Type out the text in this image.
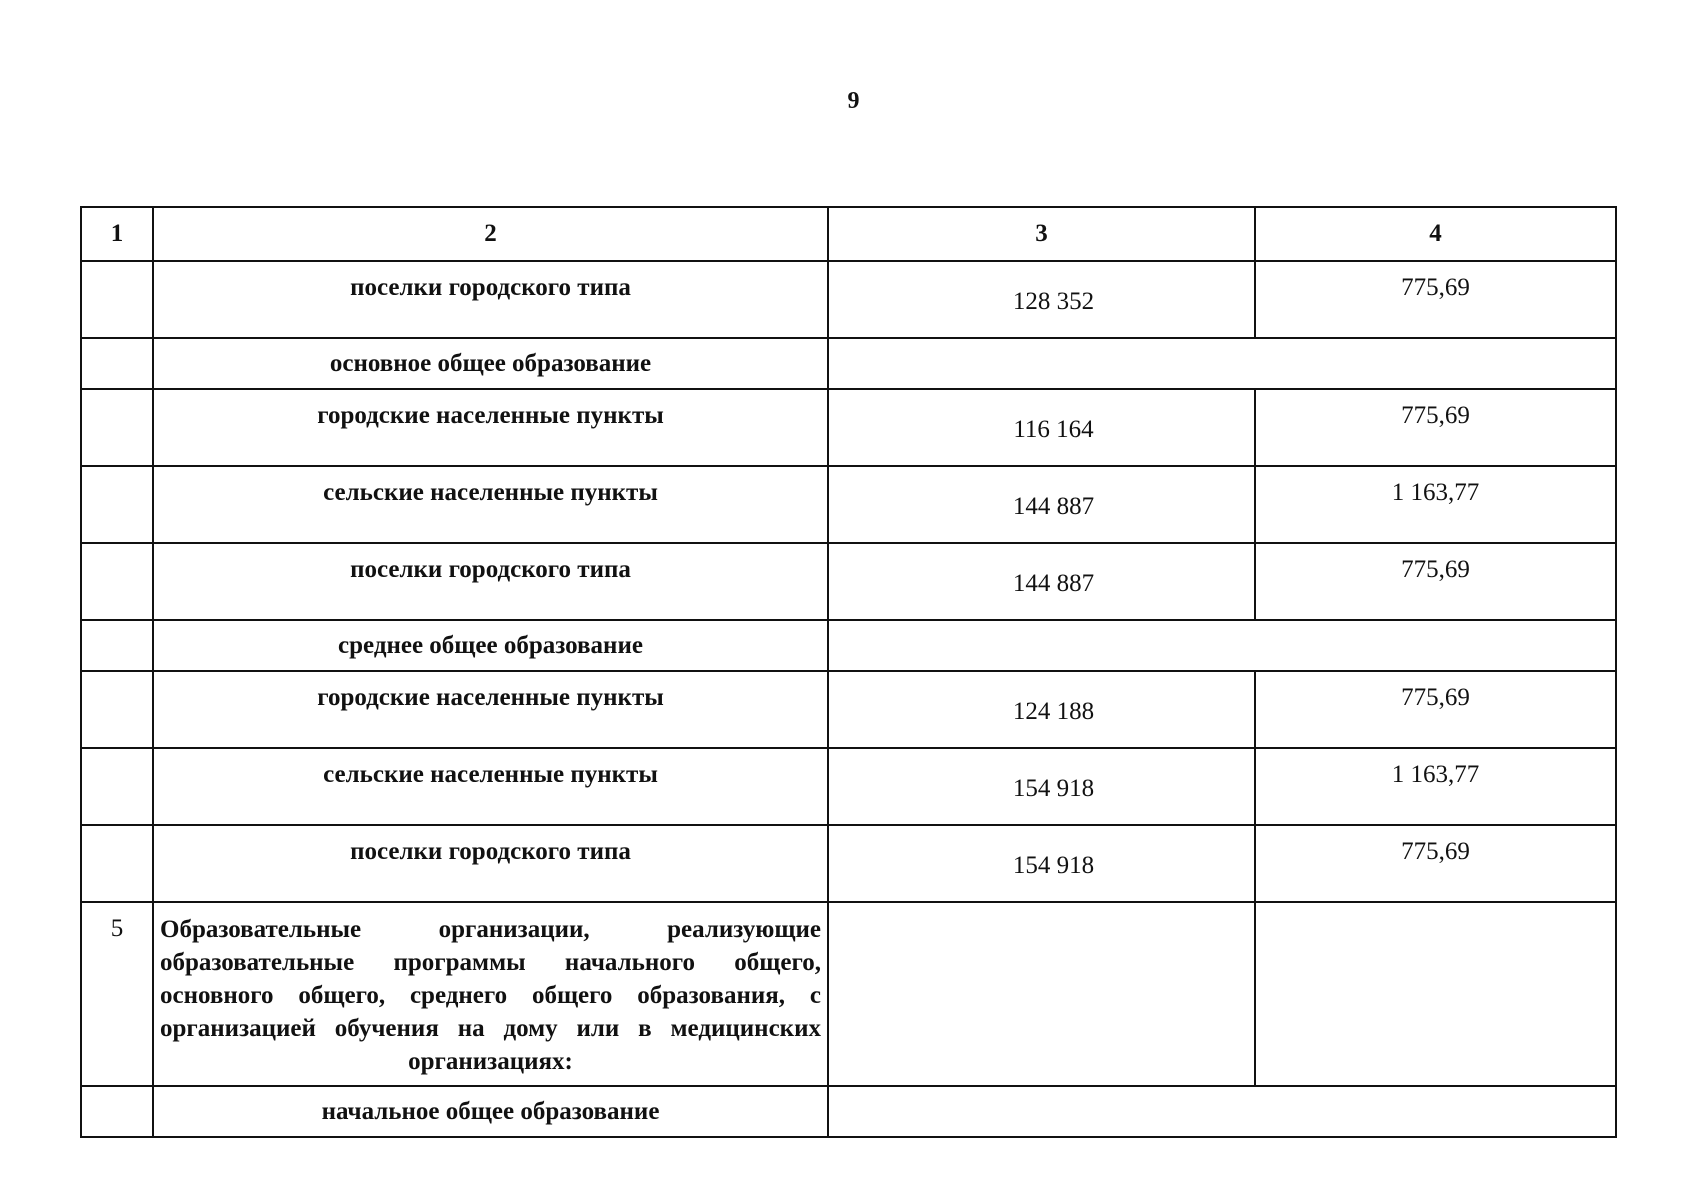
9
1	2	3	4
	поселки городского типа	128 352	775,69
	основное общее образование		
	городские населенные пункты	116 164	775,69
	сельские населенные пункты	144 887	1 163,77
	поселки городского типа	144 887	775,69
	среднее общее образование		
	городские населенные пункты	124 188	775,69
	сельские населенные пункты	154 918	1 163,77
	поселки городского типа	154 918	775,69
5	Образовательные организации, реализующие образовательные программы начального общего, основного общего, среднего общего образования, с организацией обучения на дому или в медицинских организациях:		
	начальное общее образование		
